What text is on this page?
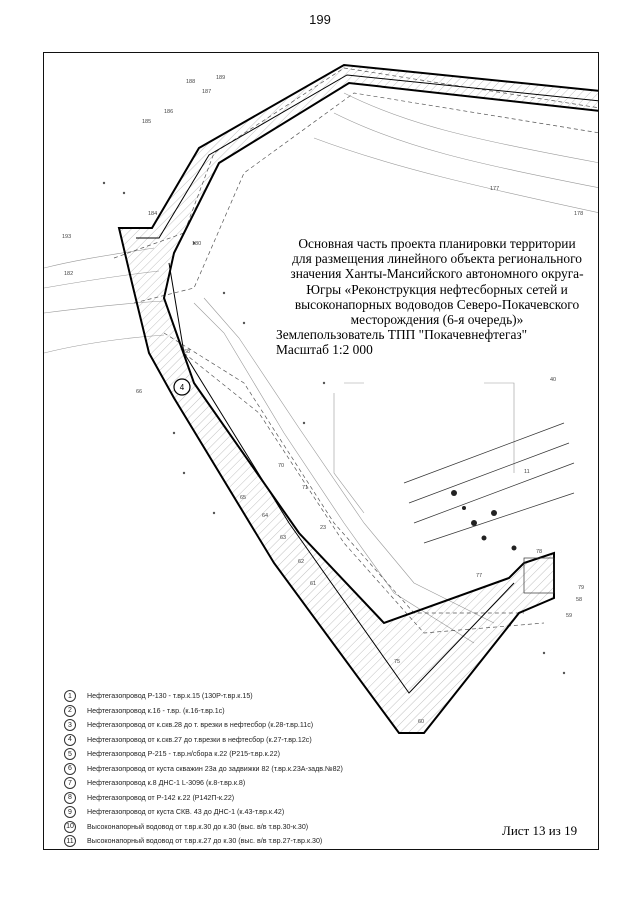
199
4
187
188
189
186
185
184
193
182
180
177
178
68
66
65
64
63
62
61
60
70
71
23
75
77
78
79
59
58
40
11
Основная часть проекта планировки территории
для размещения линейного объекта регионального
значения Ханты-Мансийского автономного округа-
Югры «Реконструкция нефтесборных сетей и
высоконапорных водоводов Северо-Покачевского
месторождения (6-я очередь)»
Землепользователь ТПП "Покачевнефтегаз"
Масштаб 1:2 000
1	Нефтегазопровод Р-130 - т.вр.к.15 (130Р-т.вр.к.15)
2	Нефтегазопровод к.16 - т.вр. (к.16-т.вр.1с)
3	Нефтегазопровод от к.скв.28 до т. врезки в нефтесбор (к.28-т.вр.11с)
4	Нефтегазопровод от к.скв.27 до т.врезки в нефтесбор (к.27-т.вр.12с)
5	Нефтегазопровод Р-215 - т.вр.н/сбора к.22 (Р215-т.вр.к.22)
6	Нефтегазопровод от куста скважин 23а до задвижки 82 (т.вр.к.23А-задв.№82)
7	Нефтегазопровод к.8 ДНС-1 L-3096 (к.8-т.вр.к.8)
8	Нефтегазопровод от Р-142 к.22 (Р142П-к.22)
9	Нефтегазопровод от куста СКВ. 43 до ДНС-1 (к.43-т.вр.к.42)
10 Высоконапорный водовод от т.вр.к.30 до к.30 (выс. в/в т.вр.30-к.30)
11	Высоконапорный водовод от т.вр.к.27 до к.30 (выс. в/в т.вр.27-т.вр.к.30)
Лист 13 из 19
